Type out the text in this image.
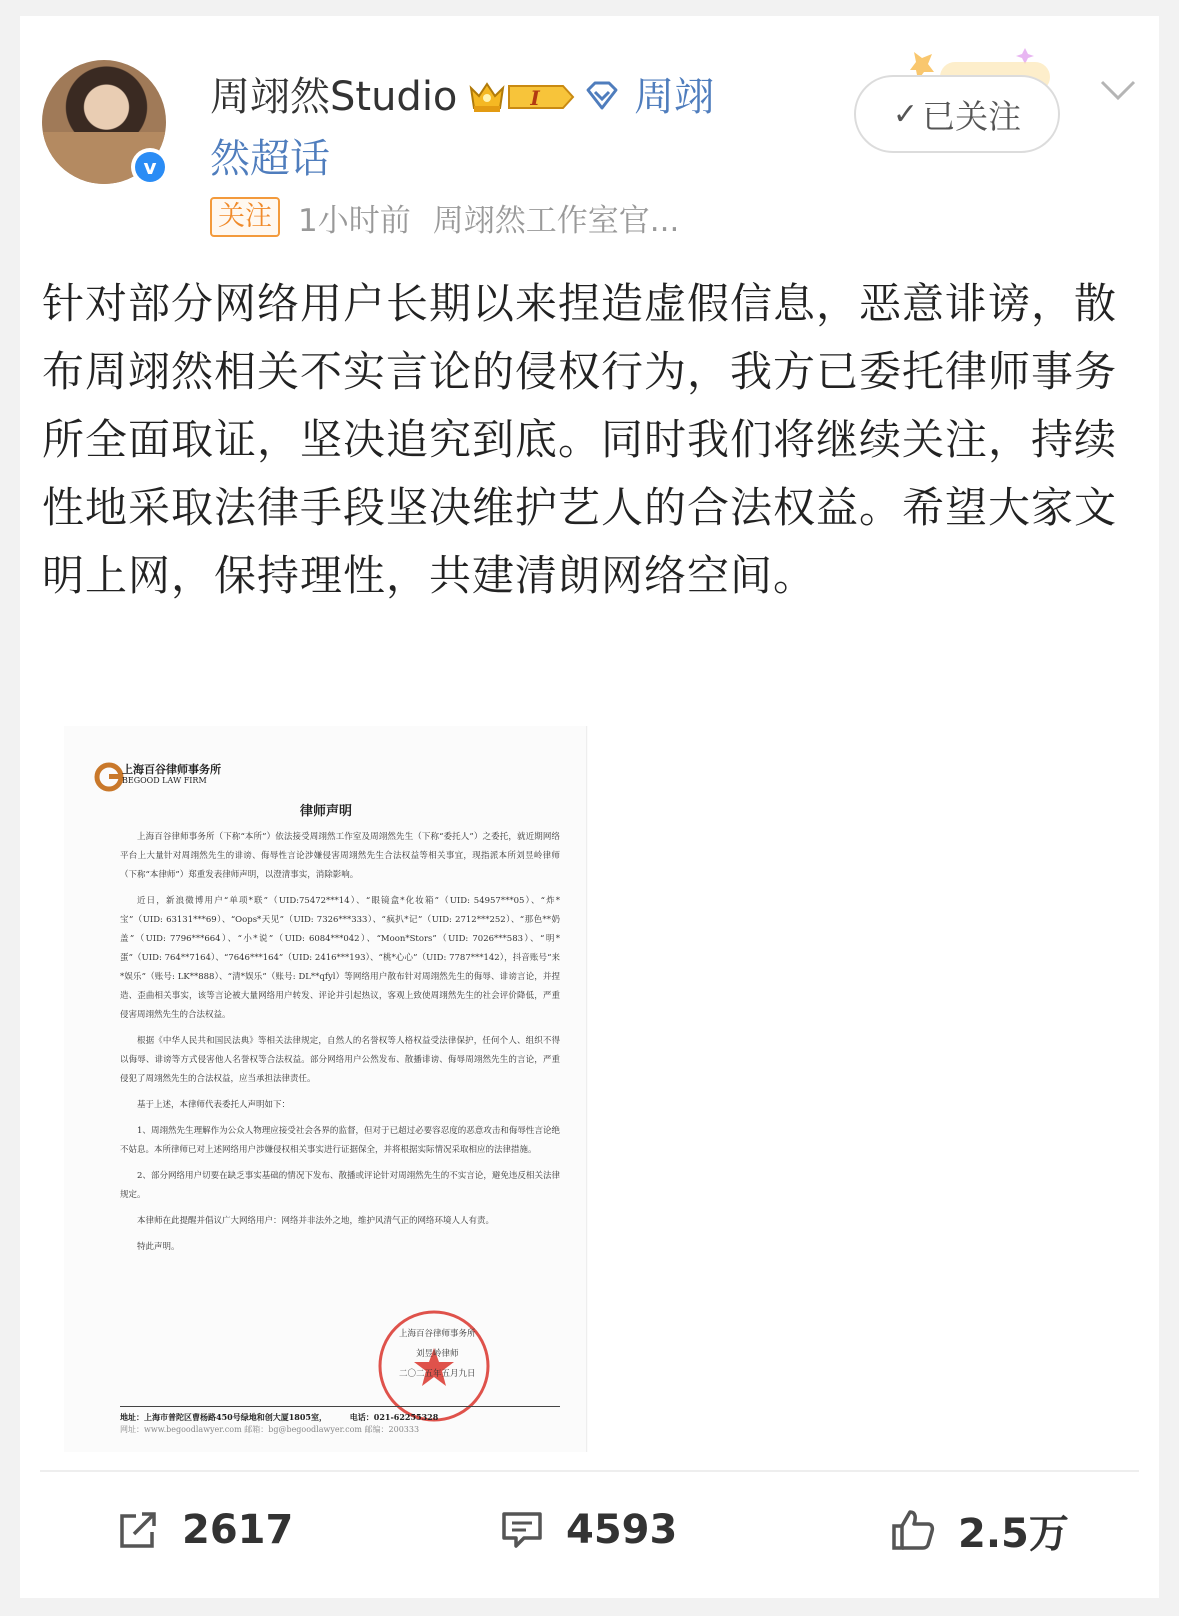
v
周翊然Studio	I 周翊
然超话
关注 1小时前 周翊然工作室官...
✓ 已关注
针对部分网络用户长期以来捏造虚假信息，恶意诽谤，散布周翊然相关不实言论的侵权行为，我方已委托律师事务所全面取证，坚决追究到底。同时我们将继续关注，持续性地采取法律手段坚决维护艺人的合法权益。希望大家文明上网，保持理性，共建清朗网络空间。
上海百谷律师事务所
BEGOOD LAW FIRM
律师声明

上海百谷律师事务所（下称“本所”）依法接受周翊然工作室及周翊然先生（下称“委托人”）之委托，就近期网络平台上大量针对周翊然先生的诽谤、侮辱性言论涉嫌侵害周翊然先生合法权益等相关事宜，现指派本所刘昱岭律师（下称“本律师”）郑重发表律师声明，以澄清事实，消除影响。

近日，新浪微博用户“单项*联”（UID:75472***14）、“眼镜盒*化妆箱”（UID: 54957***05）、“炸*宝”（UID: 63131***69）、“Oops*天见”（UID: 7326***333）、“疯扒*记”（UID: 2712***252）、“那色**奶盖”（UID: 7796***664）、“小*说”（UID: 6084***042）、“Moon*Stors”（UID: 7026***583）、“明*蛋”（UID: 764**7164）、“7646***164”（UID: 2416***193）、“桃*心心”（UID: 7787***142），抖音账号“来*娱乐”（账号: LK**888）、“清*娱乐”（账号: DL**qfyl）等网络用户散布针对周翊然先生的侮辱、诽谤言论，并捏造、歪曲相关事实，该等言论被大量网络用户转发、评论并引起热议，客观上致使周翊然先生的社会评价降低，严重侵害周翊然先生的合法权益。

根据《中华人民共和国民法典》等相关法律规定，自然人的名誉权等人格权益受法律保护，任何个人、组织不得以侮辱、诽谤等方式侵害他人名誉权等合法权益。部分网络用户公然发布、散播诽谤、侮辱周翊然先生的言论，严重侵犯了周翊然先生的合法权益，应当承担法律责任。

基于上述，本律师代表委托人声明如下：

1、周翊然先生理解作为公众人物理应接受社会各界的监督，但对于已超过必要容忍度的恶意攻击和侮辱性言论绝不姑息。本所律师已对上述网络用户涉嫌侵权相关事实进行证据保全，并将根据实际情况采取相应的法律措施。

2、部分网络用户切要在缺乏事实基础的情况下发布、散播或评论针对周翊然先生的不实言论，避免违反相关法律规定。

本律师在此提醒并倡议广大网络用户：网络并非法外之地，维护风清气正的网络环境人人有责。

特此声明。

上海百谷律师事务所
刘昱岭律师
二〇二五年五月九日
地址：上海市普陀区曹杨路450号绿地和创大厦1805室，	电话：021-62255328
网址：www.begoodlawyer.com 邮箱：bg@begoodlawyer.com 邮编：200333
2617	4593	2.5万
